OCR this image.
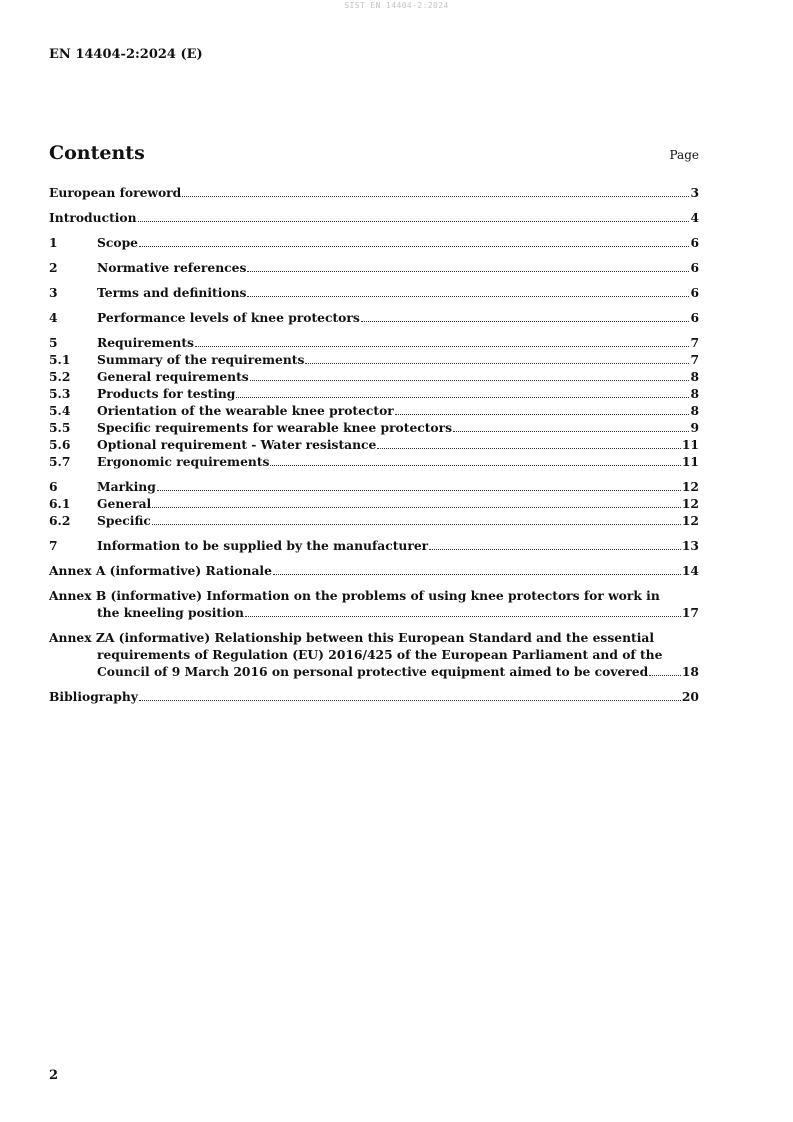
SIST EN 14404-2:2024
EN 14404-2:2024 (E)
Contents	Page
European foreword	3
Introduction	4
1	Scope	6
2	Normative references	6
3	Terms and definitions	6
4	Performance levels of knee protectors	6
5	Requirements	7
5.1	Summary of the requirements	7
5.2	General requirements	8
5.3	Products for testing	8
5.4	Orientation of the wearable knee protector	8
5.5	Specific requirements for wearable knee protectors	9
5.6	Optional requirement - Water resistance	11
5.7	Ergonomic requirements	11
6	Marking	12
6.1	General	12
6.2	Specific	12
7	Information to be supplied by the manufacturer	13
Annex A (informative) Rationale	14
Annex B (informative) Information on the problems of using knee protectors for work in
the kneeling position	17
Annex ZA (informative) Relationship between this European Standard and the essential
requirements of Regulation (EU) 2016/425 of the European Parliament and of the
Council of 9 March 2016 on personal protective equipment aimed to be covered	18
Bibliography	20
2
